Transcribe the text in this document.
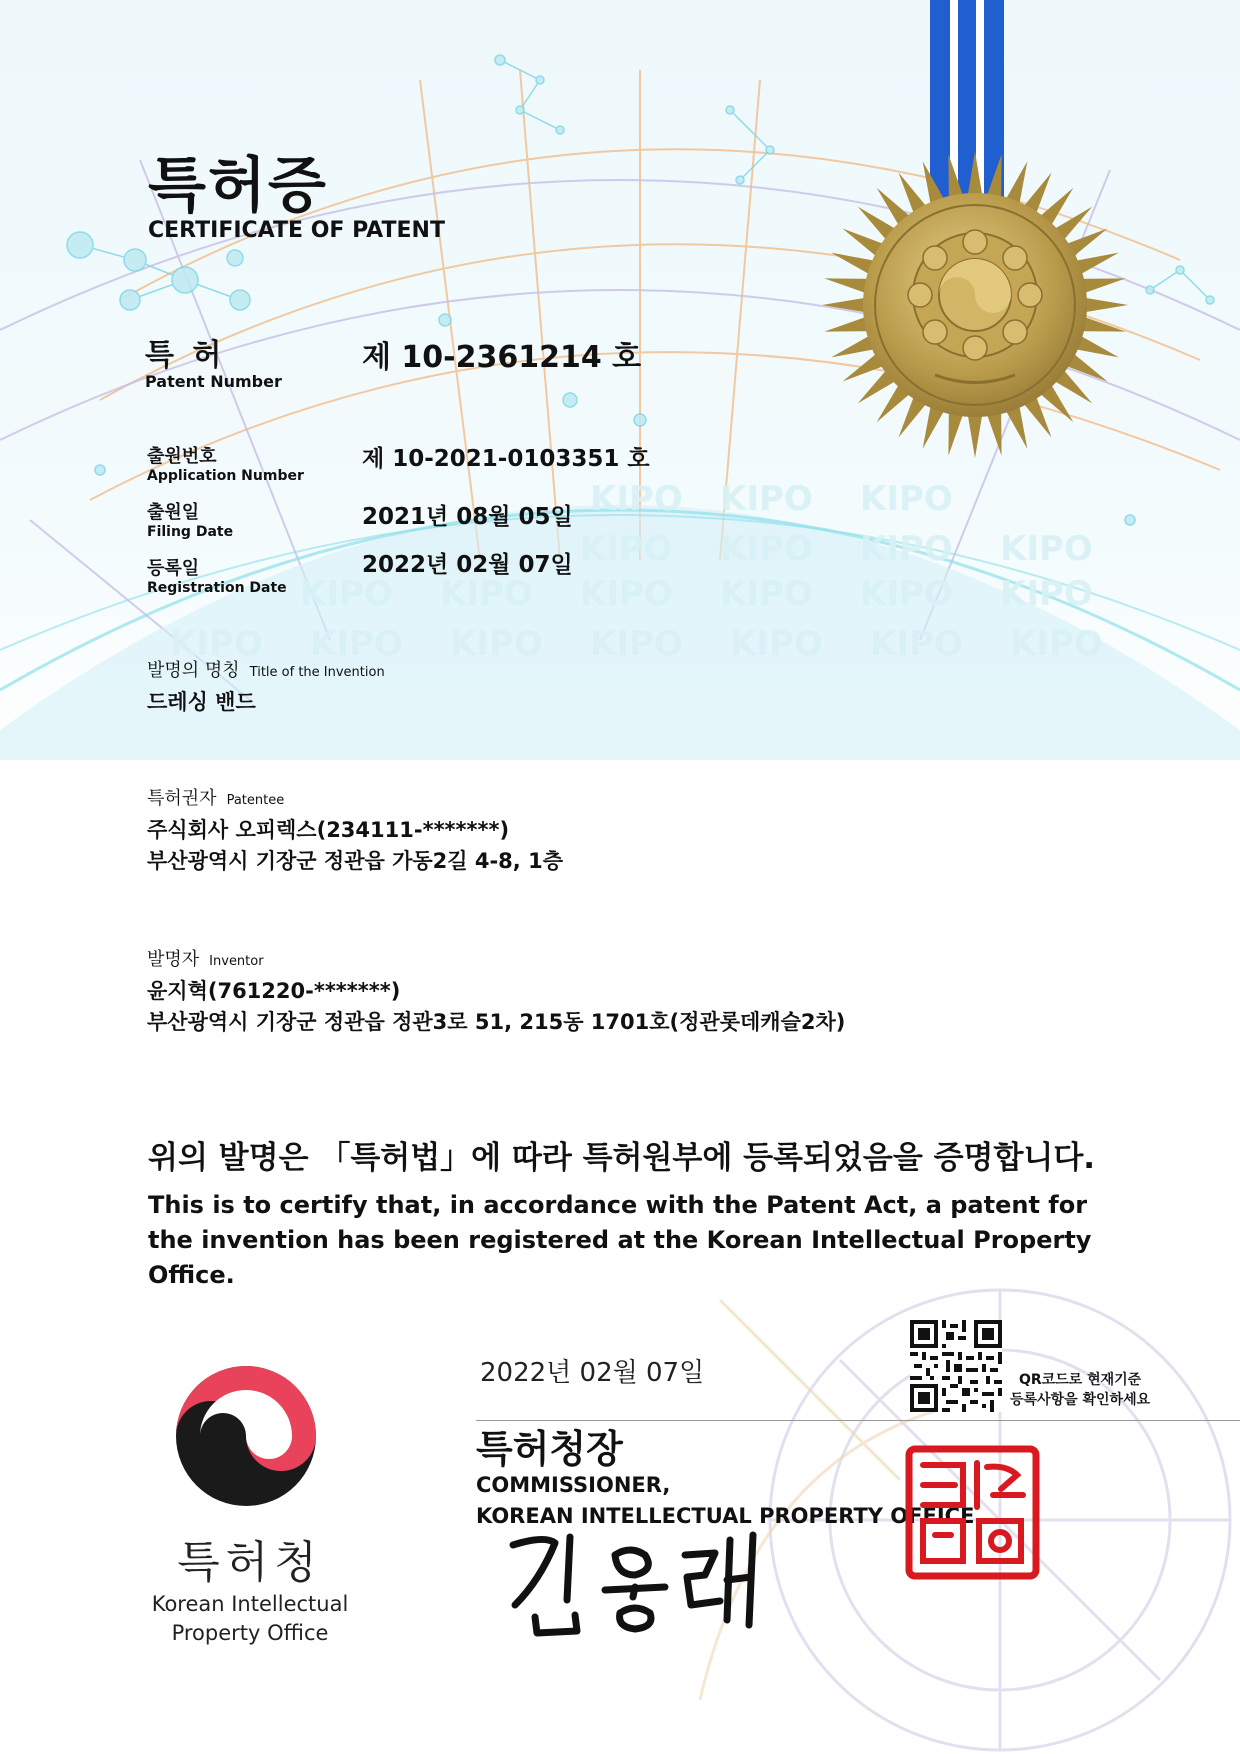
KIPO KIPO KIPO
KIPO KIPO KIPO KIPO
KIPO KIPO KIPO KIPO KIPO KIPO
KIPO KIPO KIPO KIPO KIPO KIPO KIPO
특허증
CERTIFICATE OF PATENT
특 허
Patent Number
제 10-2361214 호
출원번호
Application Number
제 10-2021-0103351 호
출원일
Filing Date
2021년 08월 05일
등록일
Registration Date
2022년 02월 07일
발명의 명칭 Title of the Invention
드레싱 밴드
특허권자 Patentee
주식회사 오피렉스(234111-*******)
부산광역시 기장군 정관읍 가동2길 4-8, 1층
발명자 Inventor
윤지혁(761220-*******)
부산광역시 기장군 정관읍 정관3로 51, 215동 1701호(정관롯데캐슬2차)
위의 발명은 「특허법」에 따라 특허원부에 등록되었음을 증명합니다.
This is to certify that, in accordance with the Patent Act, a patent for the invention has been registered at the Korean Intellectual Property Office.
2022년 02월 07일	QR코드로 현재기준
등록사항을 확인하세요
특허청장
COMMISSIONER,
KOREAN INTELLECTUAL PROPERTY OFFICE
특허청
Korean Intellectual Property Office
